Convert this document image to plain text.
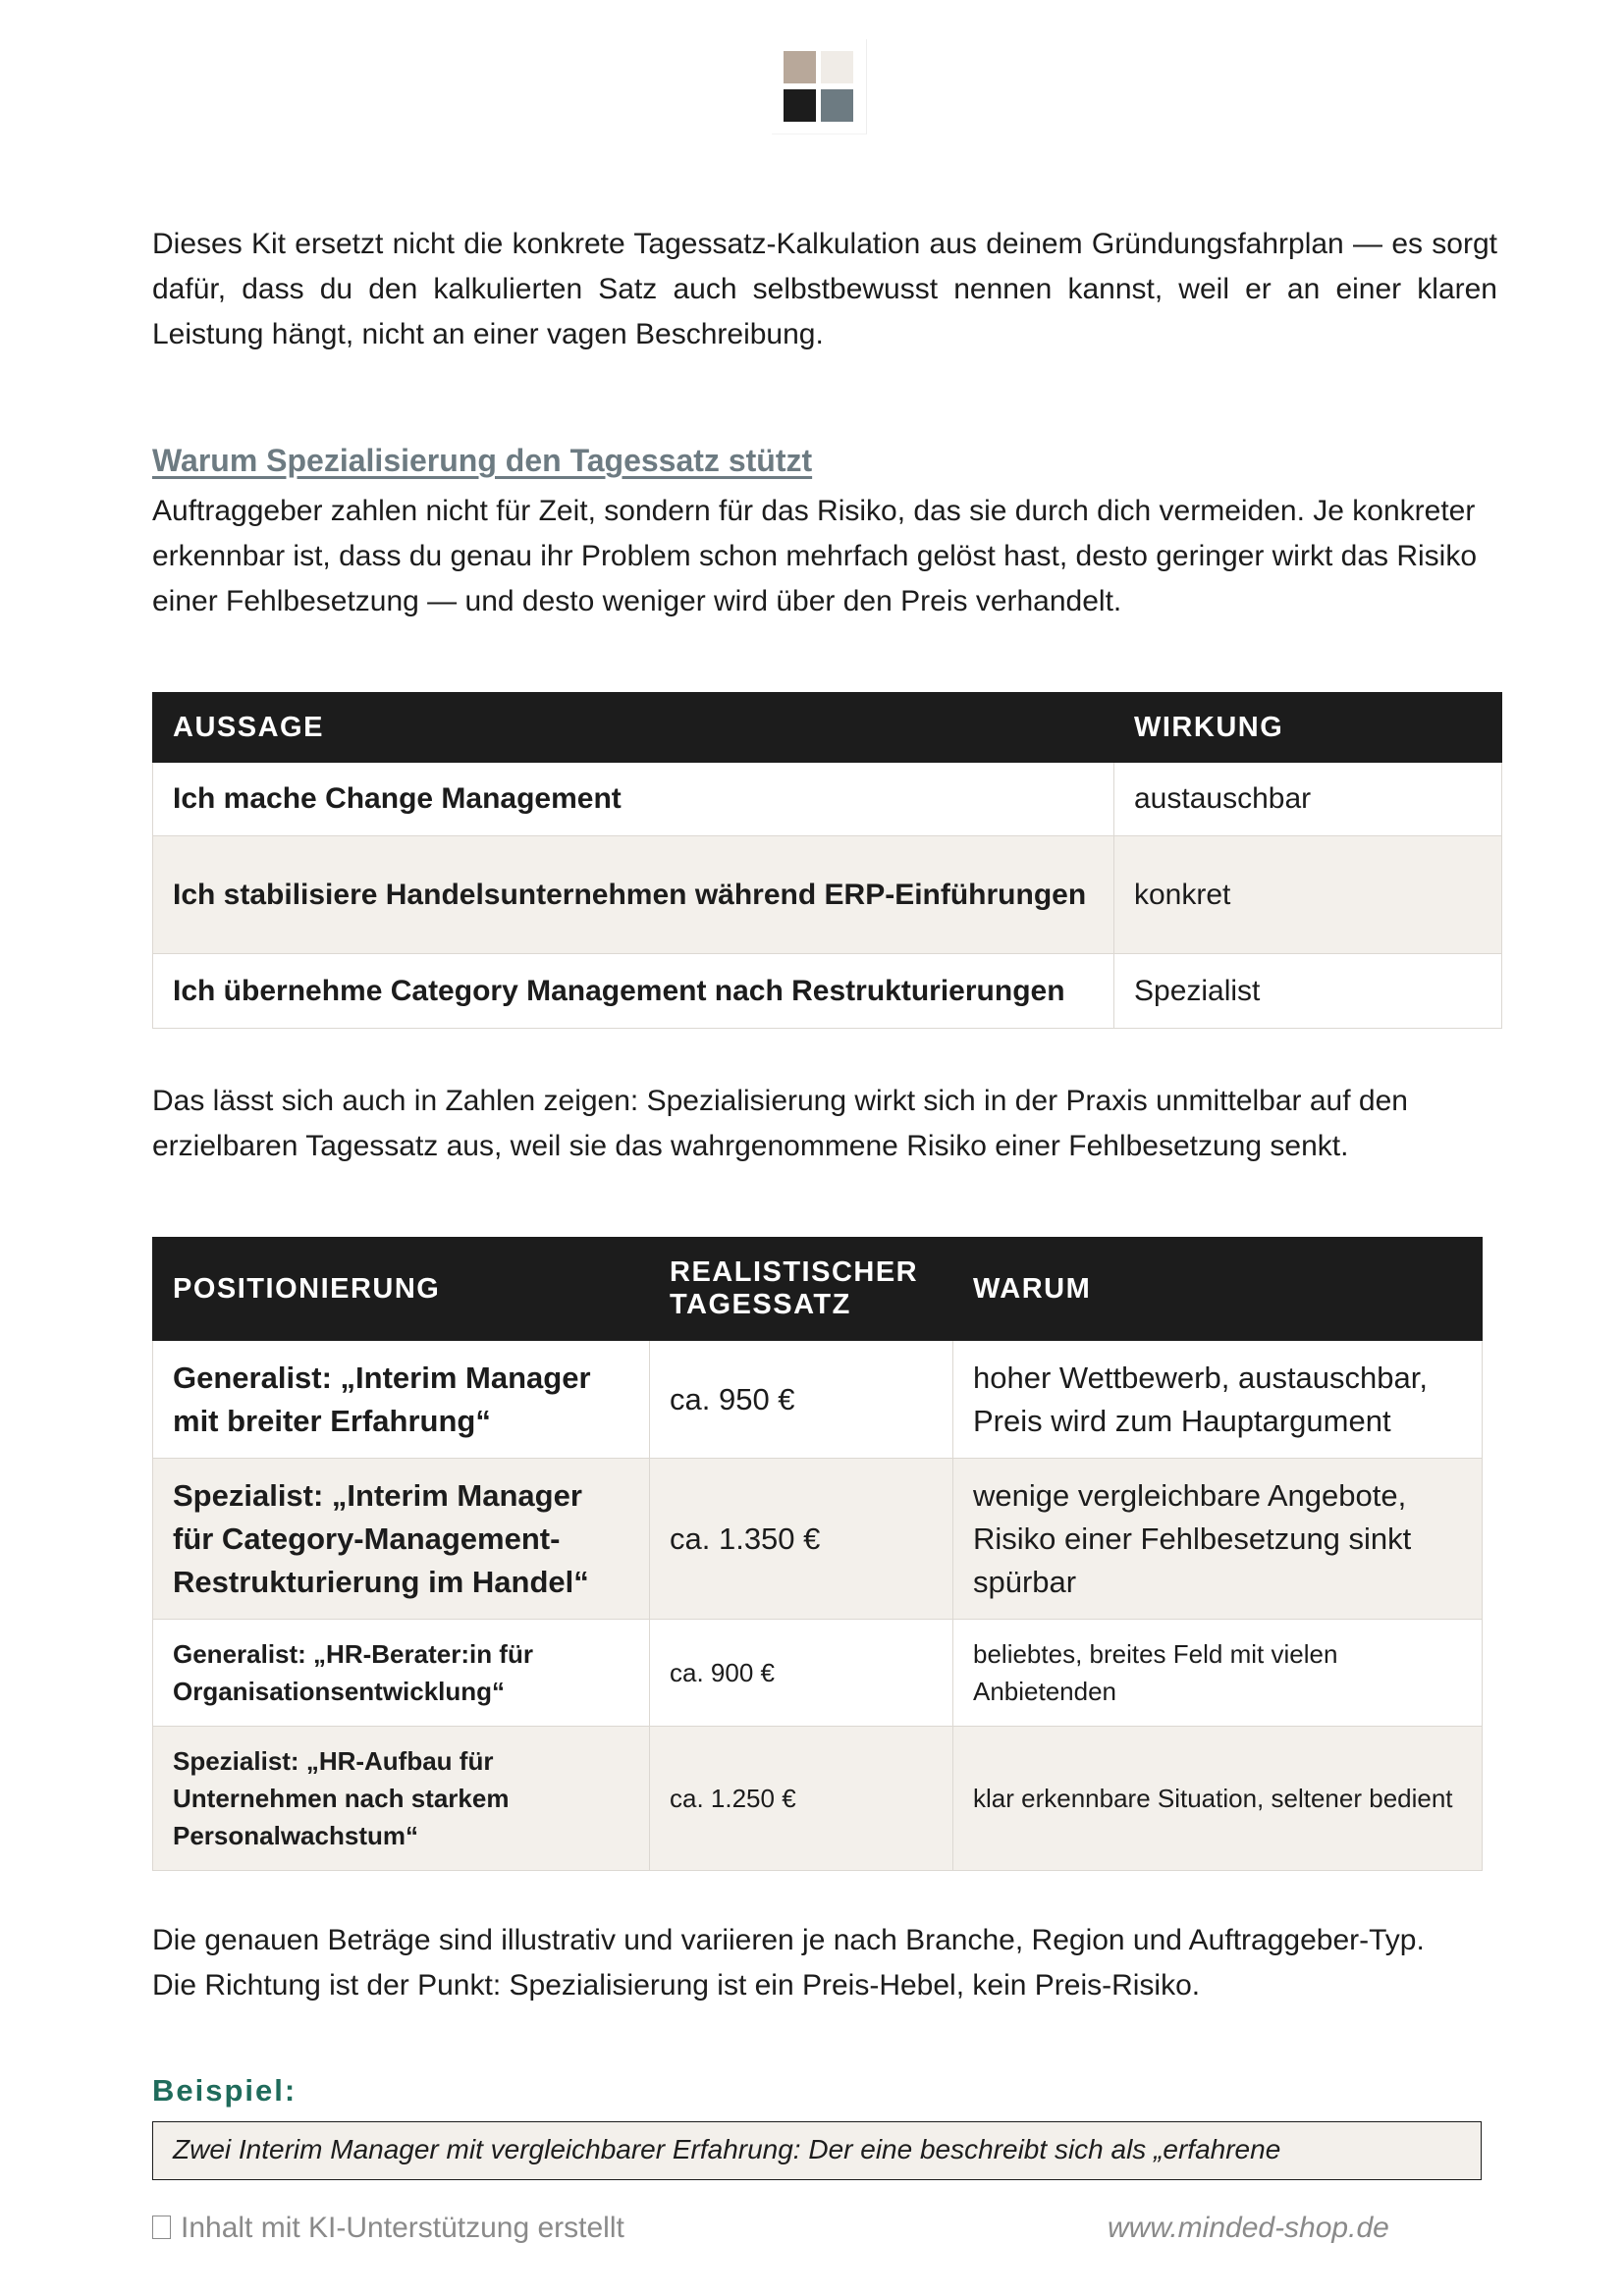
Dieses Kit ersetzt nicht die konkrete Tagessatz-Kalkulation aus deinem Gründungsfahrplan — es sorgt dafür, dass du den kalkulierten Satz auch selbstbewusst nennen kannst, weil er an einer klaren Leistung hängt, nicht an einer vagen Beschreibung.

Warum Spezialisierung den Tagessatz stützt

Auftraggeber zahlen nicht für Zeit, sondern für das Risiko, das sie durch dich vermeiden. Je konkreter erkennbar ist, dass du genau ihr Problem schon mehrfach gelöst hast, desto geringer wirkt das Risiko einer Fehlbesetzung — und desto weniger wird über den Preis verhandelt.

AUSSAGE	WIRKUNG
Ich mache Change Management	austauschbar
Ich stabilisiere Handelsunternehmen während ERP-Einführungen	konkret
Ich übernehme Category Management nach Restrukturierungen	Spezialist

Das lässt sich auch in Zahlen zeigen: Spezialisierung wirkt sich in der Praxis unmittelbar auf den erzielbaren Tagessatz aus, weil sie das wahrgenommene Risiko einer Fehlbesetzung senkt.

POSITIONIERUNG	REALISTISCHER TAGESSATZ	WARUM
Generalist: „Interim Manager mit breiter Erfahrung“	ca. 950 €	hoher Wettbewerb, austauschbar, Preis wird zum Hauptargument
Spezialist: „Interim Manager für Category-Management-Restrukturierung im Handel“	ca. 1.350 €	wenige vergleichbare Angebote, Risiko einer Fehlbesetzung sinkt spürbar
Generalist: „HR-Berater:in für Organisationsentwicklung“	ca. 900 €	beliebtes, breites Feld mit vielen Anbietenden
Spezialist: „HR-Aufbau für Unternehmen nach starkem Personalwachstum“	ca. 1.250 €	klar erkennbare Situation, seltener bedient
Die genauen Beträge sind illustrativ und variieren je nach Branche, Region und Auftraggeber-Typ.
Die Richtung ist der Punkt: Spezialisierung ist ein Preis-Hebel, kein Preis-Risiko.
Beispiel:
Zwei Interim Manager mit vergleichbarer Erfahrung: Der eine beschreibt sich als „erfahrene
Inhalt mit KI-Unterstützung erstellt	www.minded-shop.de
